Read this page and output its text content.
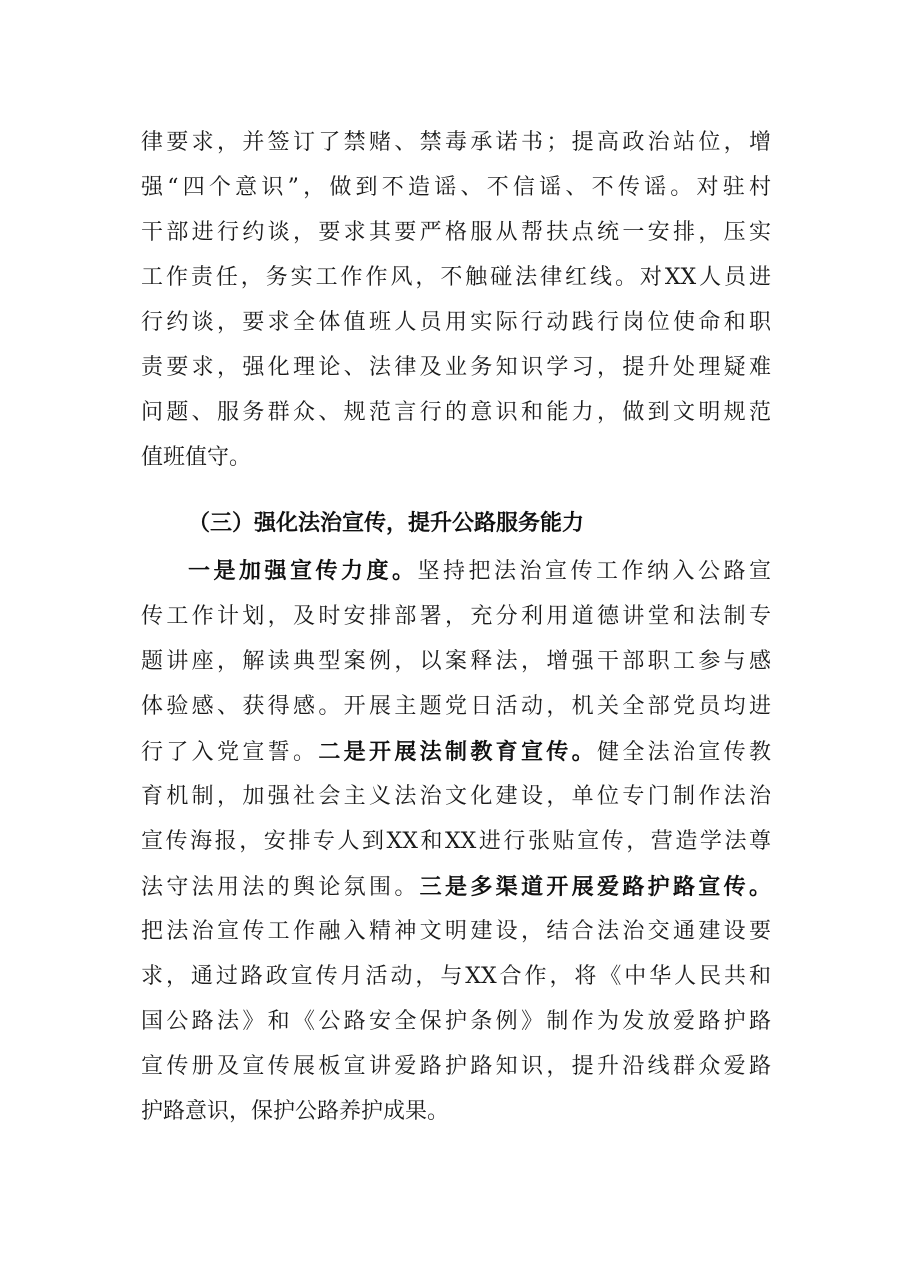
律要求，并签订了禁赌、禁毒承诺书；提高政治站位，增
强“四个意识”，做到不造谣、不信谣、不传谣。对驻村
干部进行约谈，要求其要严格服从帮扶点统一安排，压实
工作责任，务实工作作风，不触碰法律红线。对XX人员进
行约谈，要求全体值班人员用实际行动践行岗位使命和职
责要求，强化理论、法律及业务知识学习，提升处理疑难
问题、服务群众、规范言行的意识和能力，做到文明规范
值班值守。
（三）强化法治宣传，提升公路服务能力
一是加强宣传力度。坚持把法治宣传工作纳入公路宣
传工作计划，及时安排部署，充分利用道德讲堂和法制专
题讲座，解读典型案例，以案释法，增强干部职工参与感
体验感、获得感。开展主题党日活动，机关全部党员均进
行了入党宣誓。二是开展法制教育宣传。健全法治宣传教
育机制，加强社会主义法治文化建设，单位专门制作法治
宣传海报，安排专人到XX和XX进行张贴宣传，营造学法尊
法守法用法的舆论氛围。三是多渠道开展爱路护路宣传。
把法治宣传工作融入精神文明建设，结合法治交通建设要
求，通过路政宣传月活动，与XX合作，将《中华人民共和
国公路法》和《公路安全保护条例》制作为发放爱路护路
宣传册及宣传展板宣讲爱路护路知识，提升沿线群众爱路
护路意识，保护公路养护成果。
